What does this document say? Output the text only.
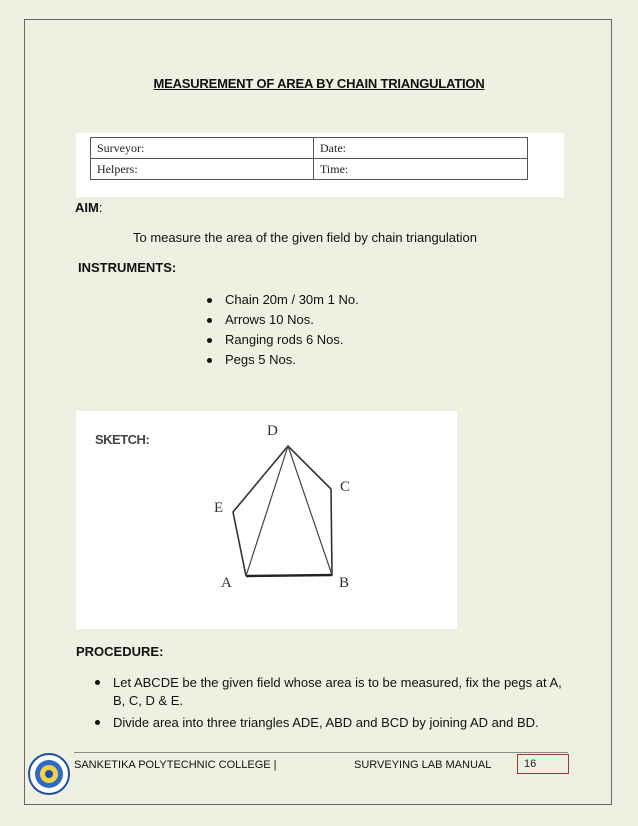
MEASUREMENT OF AREA BY CHAIN TRIANGULATION
Surveyor:	Date:
Helpers:	Time:
AIM:
To measure the area of the given field by chain triangulation
INSTRUMENTS:
Chain 20m / 30m 1 No.
Arrows 10 Nos.
Ranging rods 6 Nos.
Pegs 5 Nos.
SKETCH:
D
C
E
A	B
PROCEDURE:
Let ABCDE be the given field whose area is to be measured, fix the pegs at A, B, C, D & E.
Divide area into three triangles ADE, ABD and BCD by joining AD and BD.
SANKETIKA POLYTECHNIC COLLEGE |	SURVEYING LAB MANUAL	16
